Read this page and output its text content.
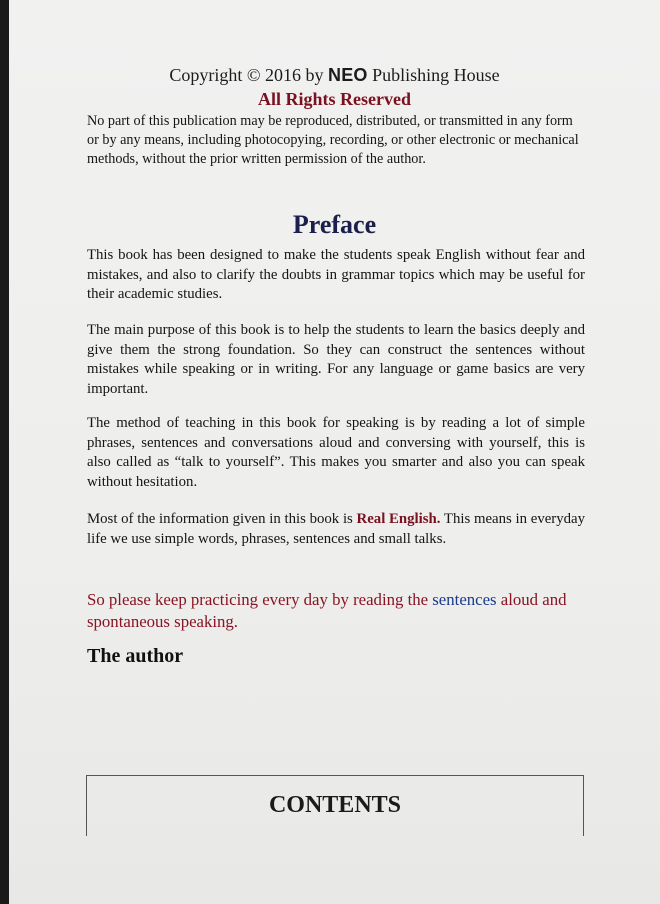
Copyright © 2016 by NEO Publishing House
All Rights Reserved

No part of this publication may be reproduced, distributed, or transmitted in any form or by any means, including photocopying, recording, or other electronic or mechanical methods, without the prior written permission of the author.

Preface

This book has been designed to make the students speak English without fear and mistakes, and also to clarify the doubts in grammar topics which may be useful for their academic studies.

The main purpose of this book is to help the students to learn the basics deeply and give them the strong foundation. So they can construct the sentences without mistakes while speaking or in writing. For any language or game basics are very important.

The method of teaching in this book for speaking is by reading a lot of simple phrases, sentences and conversations aloud and conversing with yourself, this is also called as “talk to yourself”. This makes you smarter and also you can speak without hesitation.

Most of the information given in this book is Real English. This means in everyday life we use simple words, phrases, sentences and small talks.

So please keep practicing every day by reading the sentences aloud and spontaneous speaking.

The author
CONTENTS
